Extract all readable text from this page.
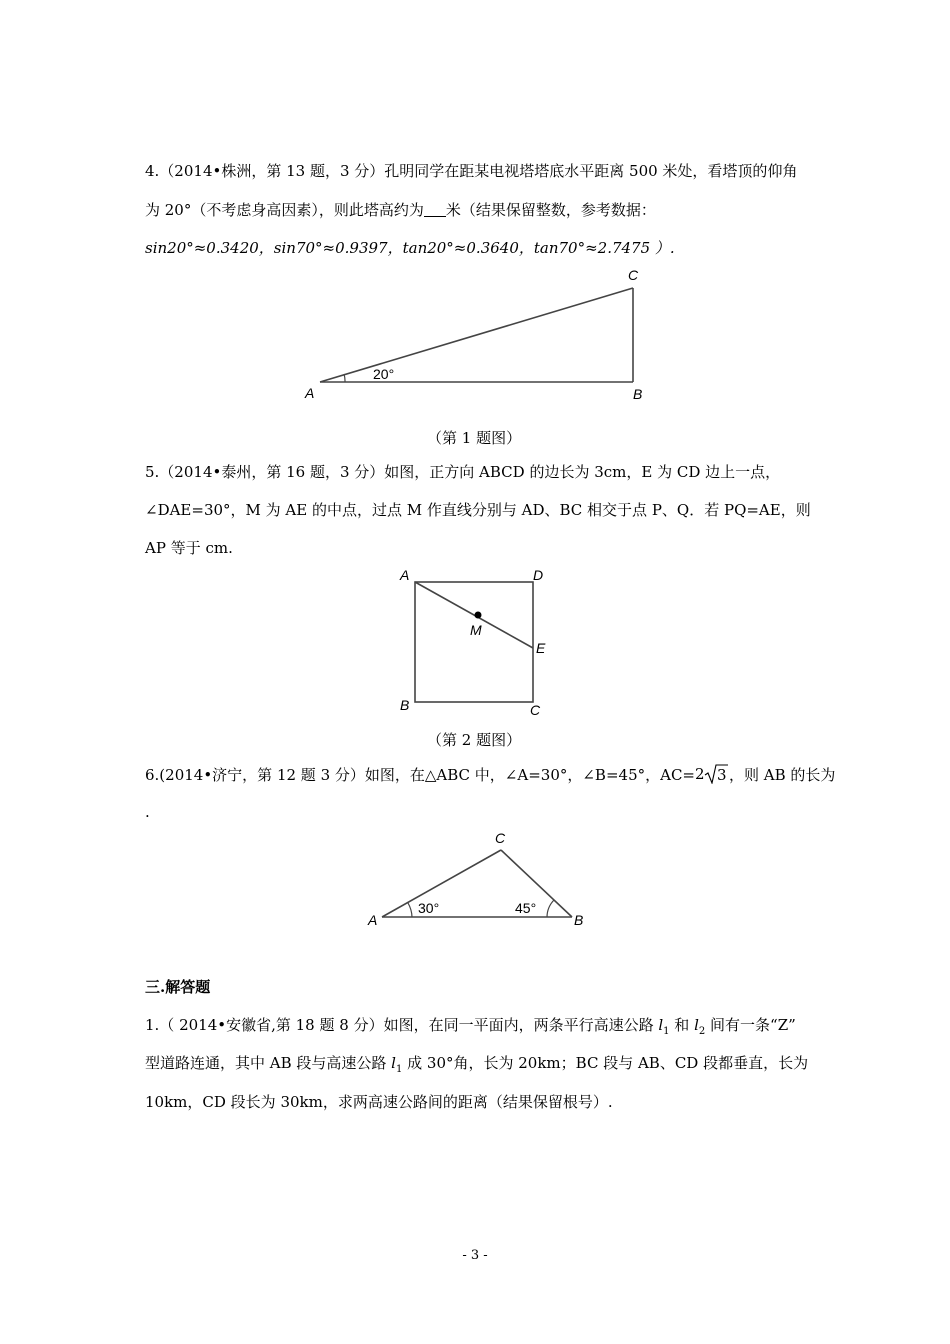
4.（2014•株洲，第 13 题，3 分）孔明同学在距某电视塔塔底水平距离 500 米处，看塔顶的仰角
为 20°（不考虑身高因素），则此塔高约为 米（结果保留整数，参考数据：
sin20°≈0.3420，sin70°≈0.9397，tan20°≈0.3640，tan70°≈2.7475 ）.
20°
A	B
C
（第 1 题图）
5.（2014•泰州，第 16 题，3 分）如图，正方向 ABCD 的边长为 3cm，E 为 CD 边上一点，
∠DAE=30°，M 为 AE 的中点，过点 M 作直线分别与 AD、BC 相交于点 P、Q．若 PQ=AE，则
AP 等于 cm.
A	D
B	C
E
M
（第 2 题图）
6.(2014•济宁，第 12 题 3 分）如图，在△ABC 中，∠A=30°，∠B=45°，AC= 2 3 ，则 AB 的长为
.
30°	45°
A	B
C
三.解答题
1.（ 2014•安徽省,第 18 题 8 分）如图，在同一平面内，两条平行高速公路 $l_1$ 和 $l_2$ 间有一条“Z”
型道路连通，其中 AB 段与高速公路 $l_1$ 成 30°角，长为 20km；BC 段与 AB、CD 段都垂直，长为
10km，CD 段长为 30km，求两高速公路间的距离（结果保留根号）.
- 3 -
